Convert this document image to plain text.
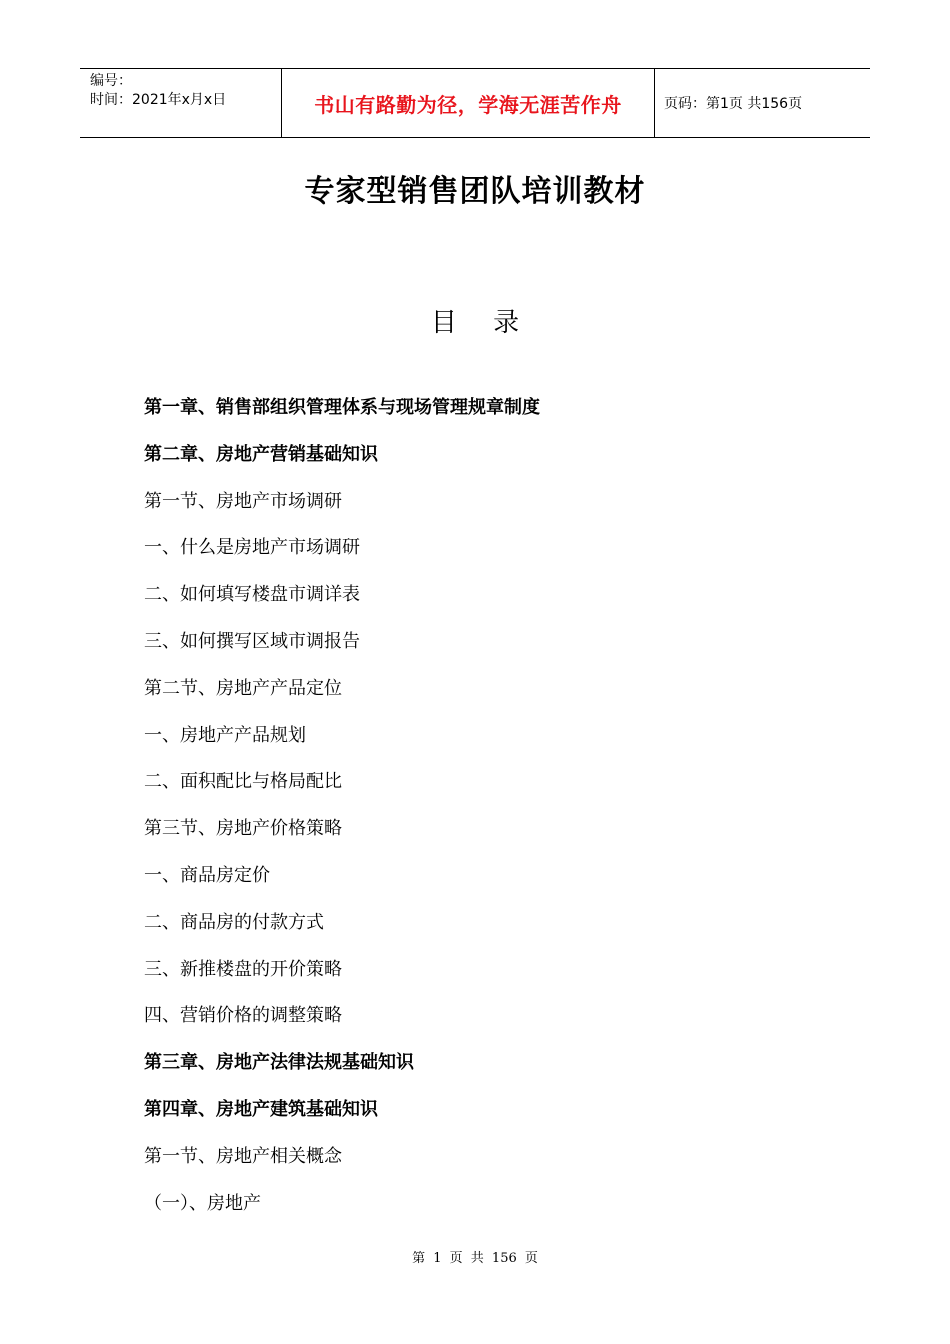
编号：
时间：2021年x月x日	书山有路勤为径，学海无涯苦作舟	页码：第1页 共156页
专家型销售团队培训教材
目 录
第一章、销售部组织管理体系与现场管理规章制度
第二章、房地产营销基础知识
第一节、房地产市场调研
一、什么是房地产市场调研
二、如何填写楼盘市调详表
三、如何撰写区域市调报告
第二节、房地产产品定位
一、房地产产品规划
二、面积配比与格局配比
第三节、房地产价格策略
一、商品房定价
二、商品房的付款方式
三、新推楼盘的开价策略
四、营销价格的调整策略
第三章、房地产法律法规基础知识
第四章、房地产建筑基础知识
第一节、房地产相关概念
（一）、房地产
第 1 页 共 156 页
